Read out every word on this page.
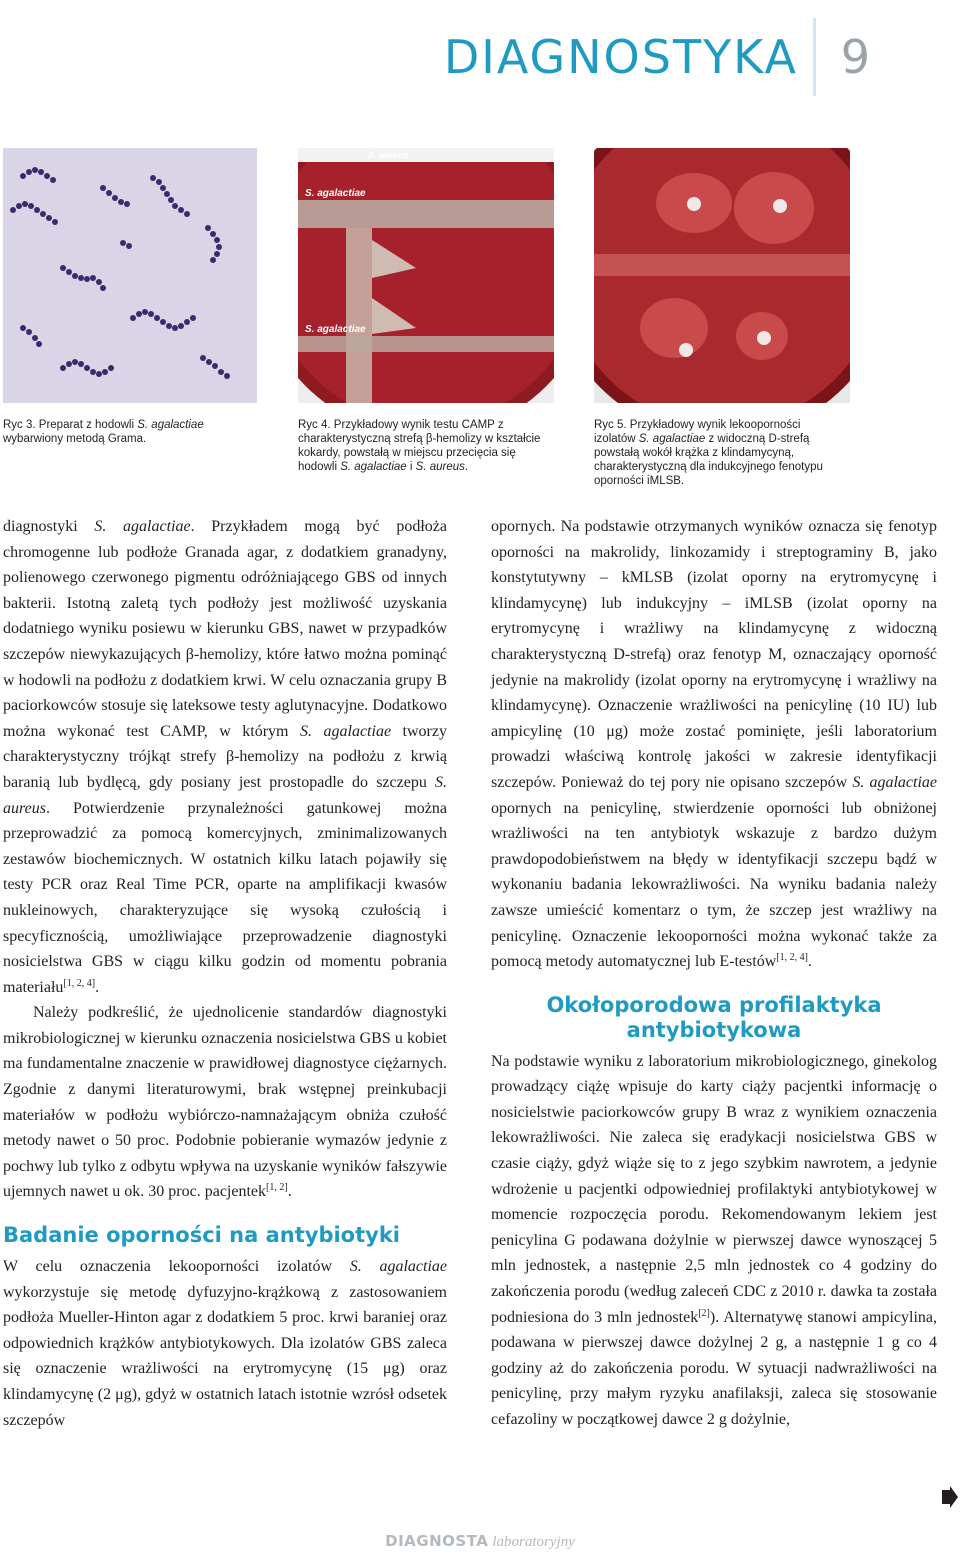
DIAGNOSTYKA 9
S. aureus
S. agalactiae
S. agalactiae
Ryc 3. Preparat z hodowli S. agalactiae wybarwiony metodą Grama.
Ryc 4. Przykładowy wynik testu CAMP z charakterystyczną strefą β-hemolizy w kształcie kokardy, powstałą w miejscu przecięcia się hodowli S. agalactiae i S. aureus.
Ryc 5. Przykładowy wynik lekooporności izolatów S. agalactiae z widoczną D-strefą powstałą wokół krążka z klindamycyną, charakterystyczną dla indukcyjnego fenotypu oporności iMLSB.

diagnostyki S. agalactiae. Przykładem mogą być podłoża chromogenne lub podłoże Granada agar, z dodatkiem granadyny, polienowego czerwonego pigmentu odróżniającego GBS od innych bakterii. Istotną zaletą tych podłoży jest możliwość uzyskania dodatniego wyniku posiewu w kierunku GBS, nawet w przypadków szczepów niewykazujących β-hemolizy, które łatwo można pominąć w hodowli na podłożu z dodatkiem krwi. W celu oznaczania grupy B paciorkowców stosuje się lateksowe testy aglutynacyjne. Dodatkowo można wykonać test CAMP, w którym S. agalactiae tworzy charakterystyczny trójkąt strefy β-hemolizy na podłożu z krwią baranią lub bydlęcą, gdy posiany jest prostopadle do szczepu S. aureus. Potwierdzenie przynależności gatunkowej można przeprowadzić za pomocą komercyjnych, zminimalizowanych zestawów biochemicznych. W ostatnich kilku latach pojawiły się testy PCR oraz Real Time PCR, oparte na amplifikacji kwasów nukleinowych, charakteryzujące się wysoką czułością i specyficznością, umożliwiające przeprowadzenie diagnostyki nosicielstwa GBS w ciągu kilku godzin od momentu pobrania materiału[1, 2, 4].

Należy podkreślić, że ujednolicenie standardów diagnostyki mikrobiologicznej w kierunku oznaczenia nosicielstwa GBS u kobiet ma fundamentalne znaczenie w prawidłowej diagnostyce ciężarnych. Zgodnie z danymi literaturowymi, brak wstępnej preinkubacji materiałów w podłożu wybiórczo-namnażającym obniża czułość metody nawet o 50 proc. Podobnie pobieranie wymazów jedynie z pochwy lub tylko z odbytu wpływa na uzyskanie wyników fałszywie ujemnych nawet u ok. 30 proc. pacjentek[1, 2].

Badanie oporności na antybiotyki

W celu oznaczenia lekooporności izolatów S. agalactiae wykorzystuje się metodę dyfuzyjno-krążkową z zastosowaniem podłoża Mueller-Hinton agar z dodatkiem 5 proc. krwi baraniej oraz odpowiednich krążków antybiotykowych. Dla izolatów GBS zaleca się oznaczenie wrażliwości na erytromycynę (15 μg) oraz klindamycynę (2 μg), gdyż w ostatnich latach istotnie wzrósł odsetek szczepów

opornych. Na podstawie otrzymanych wyników oznacza się fenotyp oporności na makrolidy, linkozamidy i streptograminy B, jako konstytutywny – kMLSB (izolat oporny na erytromycynę i klindamycynę) lub indukcyjny – iMLSB (izolat oporny na erytromycynę i wrażliwy na klindamycynę z widoczną charakterystyczną D-strefą) oraz fenotyp M, oznaczający oporność jedynie na makrolidy (izolat oporny na erytromycynę i wrażliwy na klindamycynę). Oznaczenie wrażliwości na penicylinę (10 IU) lub ampicylinę (10 μg) może zostać pominięte, jeśli laboratorium prowadzi właściwą kontrolę jakości w zakresie identyfikacji szczepów. Ponieważ do tej pory nie opisano szczepów S. agalactiae opornych na penicylinę, stwierdzenie oporności lub obniżonej wrażliwości na ten antybiotyk wskazuje z bardzo dużym prawdopodobieństwem na błędy w identyfikacji szczepu bądź w wykonaniu badania lekowrażliwości. Na wyniku badania należy zawsze umieścić komentarz o tym, że szczep jest wrażliwy na penicylinę. Oznaczenie lekooporności można wykonać także za pomocą metody automatycznej lub E-testów[1, 2, 4].

Okołoporodowa profilaktyka antybiotykowa

Na podstawie wyniku z laboratorium mikrobiologicznego, ginekolog prowadzący ciążę wpisuje do karty ciąży pacjentki informację o nosicielstwie paciorkowców grupy B wraz z wynikiem oznaczenia lekowrażliwości. Nie zaleca się eradykacji nosicielstwa GBS w czasie ciąży, gdyż wiąże się to z jego szybkim nawrotem, a jedynie wdrożenie u pacjentki odpowiedniej profilaktyki antybiotykowej w momencie rozpoczęcia porodu. Rekomendowanym lekiem jest penicylina G podawana dożylnie w pierwszej dawce wynoszącej 5 mln jednostek, a następnie 2,5 mln jednostek co 4 godziny do zakończenia porodu (według zaleceń CDC z 2010 r. dawka ta została podniesiona do 3 mln jednostek[2]). Alternatywę stanowi ampicylina, podawana w pierwszej dawce dożylnej 2 g, a następnie 1 g co 4 godziny aż do zakończenia porodu. W sytuacji nadwrażliwości na penicylinę, przy małym ryzyku anafilaksji, zaleca się stosowanie cefazoliny w początkowej dawce 2 g dożylnie,

DIAGNOSTA laboratoryjny
